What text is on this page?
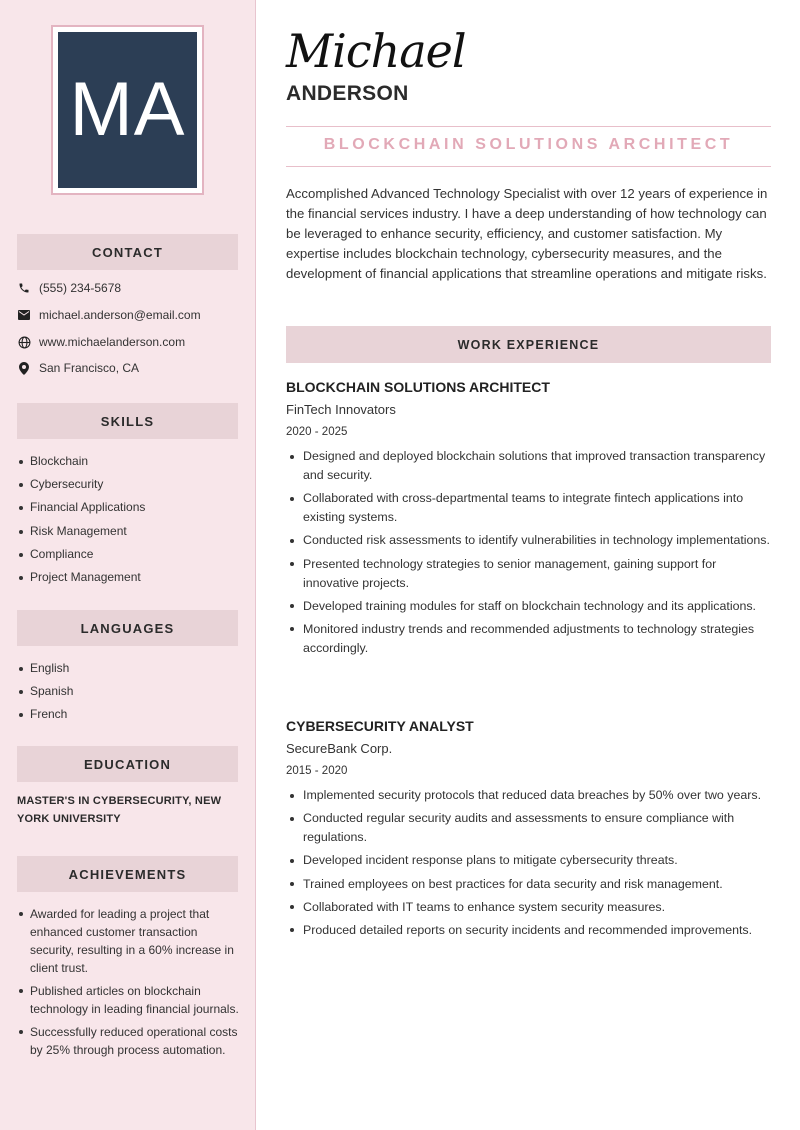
MA
CONTACT
(555) 234-5678
michael.anderson@email.com
www.michaelanderson.com
San Francisco, CA
SKILLS
Blockchain
Cybersecurity
Financial Applications
Risk Management
Compliance
Project Management
LANGUAGES
English
Spanish
French
EDUCATION
MASTER'S IN CYBERSECURITY, NEW YORK UNIVERSITY
ACHIEVEMENTS
Awarded for leading a project that enhanced customer transaction security, resulting in a 60% increase in client trust.
Published articles on blockchain technology in leading financial journals.
Successfully reduced operational costs by 25% through process automation.
Michael
ANDERSON
BLOCKCHAIN SOLUTIONS ARCHITECT

Accomplished Advanced Technology Specialist with over 12 years of experience in the financial services industry. I have a deep understanding of how technology can be leveraged to enhance security, efficiency, and customer satisfaction. My expertise includes blockchain technology, cybersecurity measures, and the development of financial applications that streamline operations and mitigate risks.

WORK EXPERIENCE
BLOCKCHAIN SOLUTIONS ARCHITECT
FinTech Innovators
2020 - 2025
Designed and deployed blockchain solutions that improved transaction transparency and security.
Collaborated with cross-departmental teams to integrate fintech applications into existing systems.
Conducted risk assessments to identify vulnerabilities in technology implementations.
Presented technology strategies to senior management, gaining support for innovative projects.
Developed training modules for staff on blockchain technology and its applications.
Monitored industry trends and recommended adjustments to technology strategies accordingly.
CYBERSECURITY ANALYST
SecureBank Corp.
2015 - 2020
Implemented security protocols that reduced data breaches by 50% over two years.
Conducted regular security audits and assessments to ensure compliance with regulations.
Developed incident response plans to mitigate cybersecurity threats.
Trained employees on best practices for data security and risk management.
Collaborated with IT teams to enhance system security measures.
Produced detailed reports on security incidents and recommended improvements.
